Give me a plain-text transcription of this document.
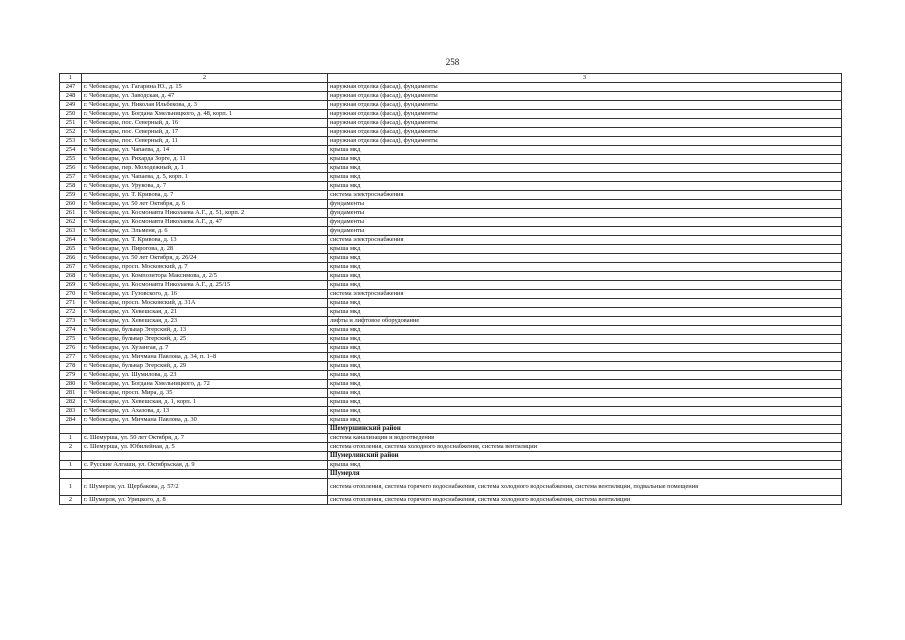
258
1	2	3
247	г. Чебоксары, ул. Гагарина Ю., д. 15	наружная отделка (фасад), фундаменты
248	г. Чебоксары, ул. Заводская, д. 47	наружная отделка (фасад), фундаменты
249	г. Чебоксары, ул. Николая Ильбекова, д. 3	наружная отделка (фасад), фундаменты
250	г. Чебоксары, ул. Богдана Хмельницкого, д. 48, корп. 1	наружная отделка (фасад), фундаменты
251	г. Чебоксары, пос. Северный, д. 16	наружная отделка (фасад), фундаменты
252	г. Чебоксары, пос. Северный, д. 17	наружная отделка (фасад), фундаменты
253	г. Чебоксары, пос. Северный, д. 11	наружная отделка (фасад), фундаменты
254	г. Чебоксары, ул. Чапаева, д. 14	крыша мкд
255	г. Чебоксары, ул. Рихарда Зорге, д. 11	крыша мкд
256	г. Чебоксары, пер. Молодежный, д. 1	крыша мкд
257	г. Чебоксары, ул. Чапаева, д. 5, корп. 1	крыша мкд
258	г. Чебоксары, ул. Урукова, д. 7	крыша мкд
259	г. Чебоксары, ул. Т. Кривова, д. 7	система электроснабжения
260	г. Чебоксары, ул. 50 лет Октября, д. 6	фундаменты
261	г. Чебоксары, ул. Космонавта Николаева А.Г., д. 51, корп. 2	фундаменты
262	г. Чебоксары, ул. Космонавта Николаева А.Г., д. 47	фундаменты
263	г. Чебоксары, ул. Эльменя, д. 6	фундаменты
264	г. Чебоксары, ул. Т. Кривова, д. 13	система электроснабжения
265	г. Чебоксары, ул. Пирогова, д. 28	крыша мкд
266	г. Чебоксары, ул. 50 лет Октября, д. 26/24	крыша мкд
267	г. Чебоксары, просп. Московский, д. 7	крыша мкд
268	г. Чебоксары, ул. Композитора Максимова, д. 2/5	крыша мкд
269	г. Чебоксары, ул. Космонавта Николаева А.Г., д. 25/15	крыша мкд
270	г. Чебоксары, ул. Гузовского, д. 16	система электроснабжения
271	г. Чебоксары, просп. Московский, д. 31А	крыша мкд
272	г. Чебоксары, ул. Хевешская, д. 21	крыша мкд
273	г. Чебоксары, ул. Хевешская, д. 23	лифты и лифтовое оборудование
274	г. Чебоксары, бульвар Эгерский, д. 13	крыша мкд
275	г. Чебоксары, бульвар Эгерский, д. 25	крыша мкд
276	г. Чебоксары, ул. Хузангая, д. 7	крыша мкд
277	г. Чебоксары, ул. Мичмана Павлова, д. 34, п. 1–8	крыша мкд
278	г. Чебоксары, бульвар Эгерский, д. 29	крыша мкд
279	г. Чебоксары, ул. Шумилова, д. 23	крыша мкд
280	г. Чебоксары, ул. Богдана Хмельницкого, д. 72	крыша мкд
281	г. Чебоксары, просп. Мира, д. 35	крыша мкд
282	г. Чебоксары, ул. Хевешская, д. 1, корп. 1	крыша мкд
283	г. Чебоксары, ул. Ахазова, д. 13	крыша мкд
284	г. Чебоксары, ул. Мичмана Павлова, д. 30	крыша мкд
		Шемуршинский район
1	с. Шемурша, ул. 50 лет Октября, д. 7	система канализации и водоотведения
2	с. Шемурша, ул. Юбилейная, д. 5	система отопления, система холодного водоснабжения, система вентиляции
		Шумерлинский район
1	с. Русские Алгаши, ул. Октябрьская, д. 9	крыша мкд
		Шумерля
1	г. Шумерля, ул. Щербакова, д. 57/2	система отопления, система горячего водоснабжения, система холодного водоснабжения, система вентиляции, подвальные помещения
2	г. Шумерля, ул. Урицкого, д. 8	система отопления, система горячего водоснабжения, система холодного водоснабжения, система вентиляции
